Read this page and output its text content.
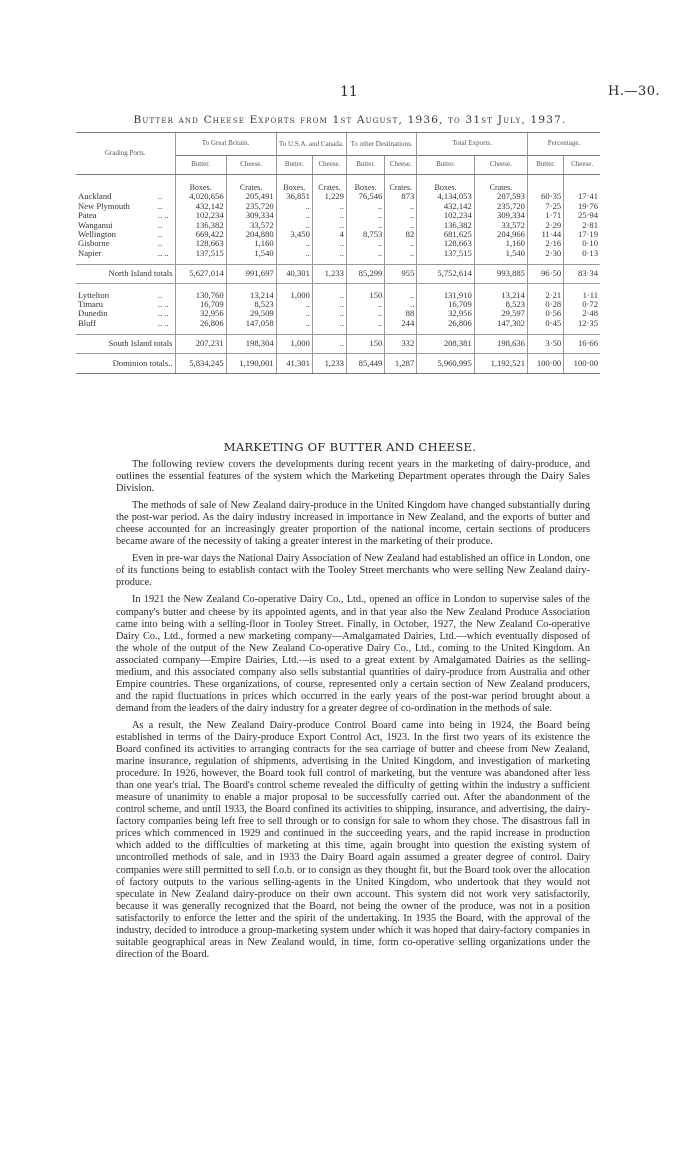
11	H.—30.
Butter and Cheese Exports from 1st August, 1936, to 31st July, 1937.
Grading Ports.		To Great Britain.		To U.S.A. and Canada.		To other Destinations.		Total Exports.		Percentage.	
		Butter.	Cheese.	Butter.	Cheese.	Butter.	Cheese.	Butter.	Cheese.	Butter.	Cheese.
		Boxes.	Crates.	Boxes.	Crates.	Boxes.	Crates.	Boxes.	Crates.		
Auckland	..	4,020,656	205,491	36,851	1,229	76,546	873	4,134,053	207,593	60·35	17·41
New Plymouth	..	432,142	235,720	..	..	..	..	432,142	235,720	7·25	19·76
Patea	.. ..	102,234	309,334	..	..	..	..	102,234	309,334	1·71	25·94
Wanganui	..	136,382	33,572	..	..	..	..	136,382	33,572	2·29	2·81
Wellington	..	669,422	204,880	3,450	4	8,753	82	681,625	204,966	11·44	17·19
Gisborne	..	128,663	1,160	..	..	..	..	128,663	1,160	2·16	0·10
Napier	.. ..	137,515	1,540	..	..	..	..	137,515	1,540	2·30	0·13
North Island totals		5,627,014	991,697	40,301	1,233	85,299	955	5,752,614	993,885	96·50	83·34
Lyttelton	..	130,760	13,214	1,000	..	150	..	131,910	13,214	2·21	1·11
Timaru	.. ..	16,709	8,523	..	..	..	..	16,709	8,523	0·28	0·72
Dunedin	.. ..	32,956	29,509	..	..	..	88	32,956	29,597	0·56	2·48
Bluff	.. ..	26,806	147,058	..	..	..	244	26,806	147,302	0·45	12·35
South Island totals		207,231	198,304	1,000	..	150	332	208,381	198,636	3·50	16·66
Dominion totals..		5,834,245	1,190,001	41,301	1,233	85,449	1,287	5,960,995	1,192,521	100·00	100·00
MARKETING OF BUTTER AND CHEESE.

The following review covers the developments during recent years in the marketing of dairy-produce, and outlines the essential features of the system which the Marketing Department operates through the Dairy Sales Division.

The methods of sale of New Zealand dairy-produce in the United Kingdom have changed substantially during the post-war period. As the dairy industry increased in importance in New Zealand, and the exports of butter and cheese accounted for an increasingly greater proportion of the national income, certain sections of producers became aware of the necessity of taking a greater interest in the marketing of their produce.

Even in pre-war days the National Dairy Association of New Zealand had established an office in London, one of its functions being to establish contact with the Tooley Street merchants who were selling New Zealand dairy-produce.

In 1921 the New Zealand Co-operative Dairy Co., Ltd., opened an office in London to supervise sales of the company's butter and cheese by its appointed agents, and in that year also the New Zealand Produce Association came into being with a selling-floor in Tooley Street. Finally, in October, 1927, the New Zealand Co-operative Dairy Co., Ltd., formed a new marketing company—Amalgamated Dairies, Ltd.—which eventually disposed of the whole of the output of the New Zealand Co-operative Dairy Co., Ltd., coming to the United Kingdom. An associated company—Empire Dairies, Ltd.—is used to a great extent by Amalgamated Dairies as the selling-medium, and this associated company also sells substantial quantities of dairy-produce from Australia and other Empire countries. These organizations, of course, represented only a certain section of New Zealand producers, and the rapid fluctuations in prices which occurred in the early years of the post-war period brought about a demand from the leaders of the dairy industry for a greater degree of co-ordination in the methods of sale.

As a result, the New Zealand Dairy-produce Control Board came into being in 1924, the Board being established in terms of the Dairy-produce Export Control Act, 1923. In the first two years of its existence the Board confined its activities to arranging contracts for the sea carriage of butter and cheese from New Zealand, marine insurance, regulation of shipments, advertising in the United Kingdom, and investigation of marketing procedure. In 1926, however, the Board took full control of marketing, but the venture was abandoned after less than one year's trial. The Board's control scheme revealed the difficulty of getting within the industry a sufficient measure of unanimity to enable a major proposal to be successfully carried out. After the abandonment of the control scheme, and until 1933, the Board confined its activities to shipping, insurance, and advertising, the dairy-factory companies being left free to sell through or to consign for sale to whom they chose. The disastrous fall in prices which commenced in 1929 and continued in the succeeding years, and the rapid increase in production which added to the difficulties of marketing at this time, again brought into question the existing system of uncontrolled methods of sale, and in 1933 the Dairy Board again assumed a greater degree of control. Dairy companies were still permitted to sell f.o.b. or to consign as they thought fit, but the Board took over the allocation of factory outputs to the various selling-agents in the United Kingdom, who undertook that they would not speculate in New Zealand dairy-produce on their own account. This system did not work very satisfactorily, because it was generally recognized that the Board, not being the owner of the produce, was not in a position satisfactorily to enforce the letter and the spirit of the undertaking. In 1935 the Board, with the approval of the industry, decided to introduce a group-marketing system under which it was hoped that dairy-factory companies in suitable geographical areas in New Zealand would, in time, form co-operative selling organizations under the direction of the Board.
